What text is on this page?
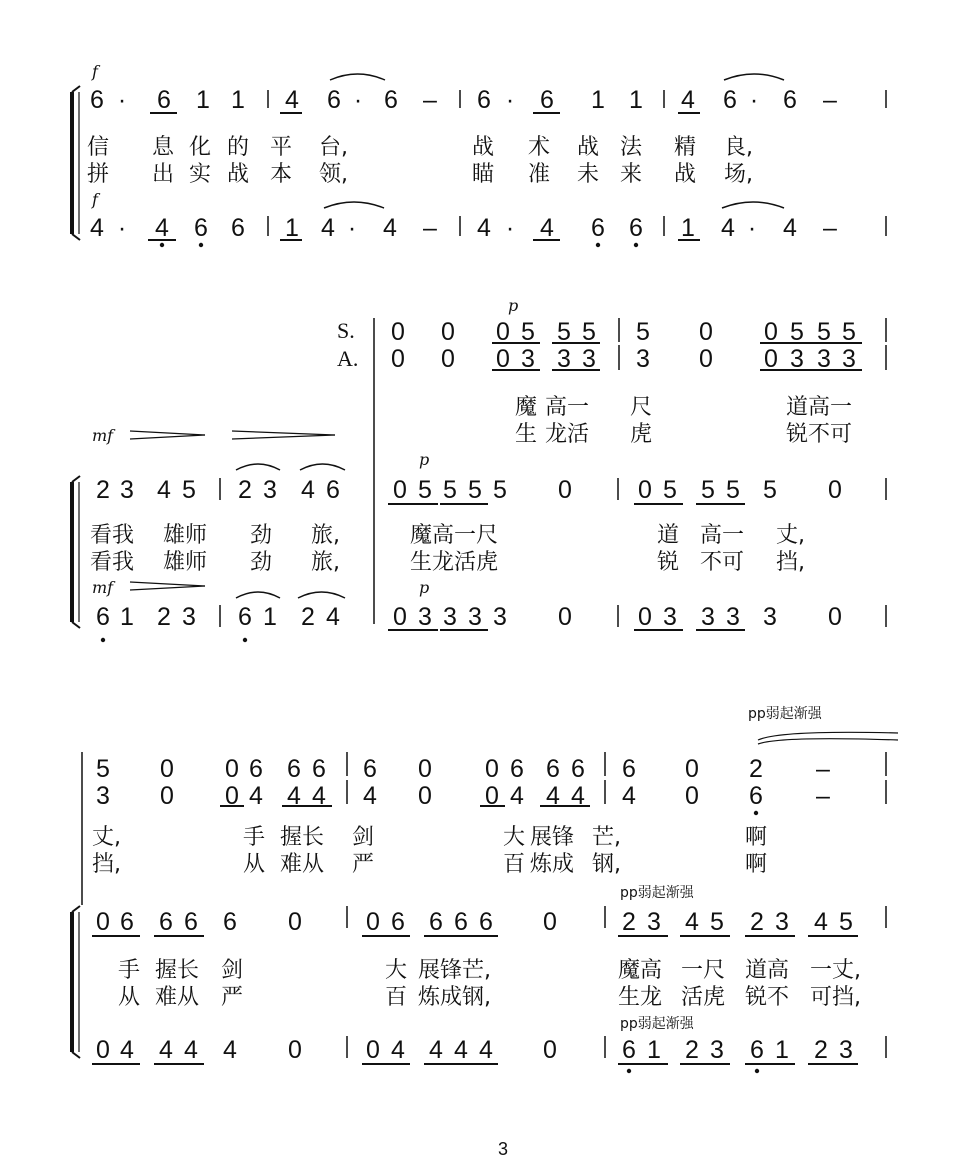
f
f
6 · 6 1 1 4 6 · 6 – 6 · 6 1 1 4 6 · 6 –
信 息 化 的 平 台,	战 术 战 法 精 良,
拼 出 实 战 本 领,	瞄 准 未 来 战 场,
4 · 4 6 6 1 4 · 4 – 4 · 4 6 6 1 4 · 4 –
S.
A.
p
0 0 0 5 5 5 5 0 0 5 5 5
0 0 0 3 3 3 3 0 0 3 3 3
魔 高一 尺	道高一
生 龙活 虎	锐不可
mf
p
2 3 4 5 2 3 4 6 0 5 5 5 5 0	0 5 5 5 5 0
看我 雄师 劲 旅,	魔高一尺	道 高一 丈,
看我 雄师 劲 旅,	生龙活虎	锐 不可 挡,
mf	p
6 1 2 3 6 1 2 4 0 3 3 3 3 0	0 3 3 3 3 0
pp弱起渐强
5 0 0 6 6 6 6 0 0 6 6 6 6 0 2 –
3 0 0 4 4 4 4 0 0 4 4 4 4 0 6 –
丈,	手 握长 剑	大 展锋 芒,	啊
挡,	从 难从 严	百 炼成 钢,	啊
pp弱起渐强
0 6 6 6 6 0	0 6 6 6 6 0	2 3 4 5 2 3 4 5
手 握长 剑	大 展锋芒,	魔高 一尺 道高 一丈,
从 难从 严	百 炼成钢,	生龙 活虎 锐不 可挡,
pp弱起渐强
0 4 4 4 4 0	0 4 4 4 4 0	6 1 2 3 6 1 2 3
3
